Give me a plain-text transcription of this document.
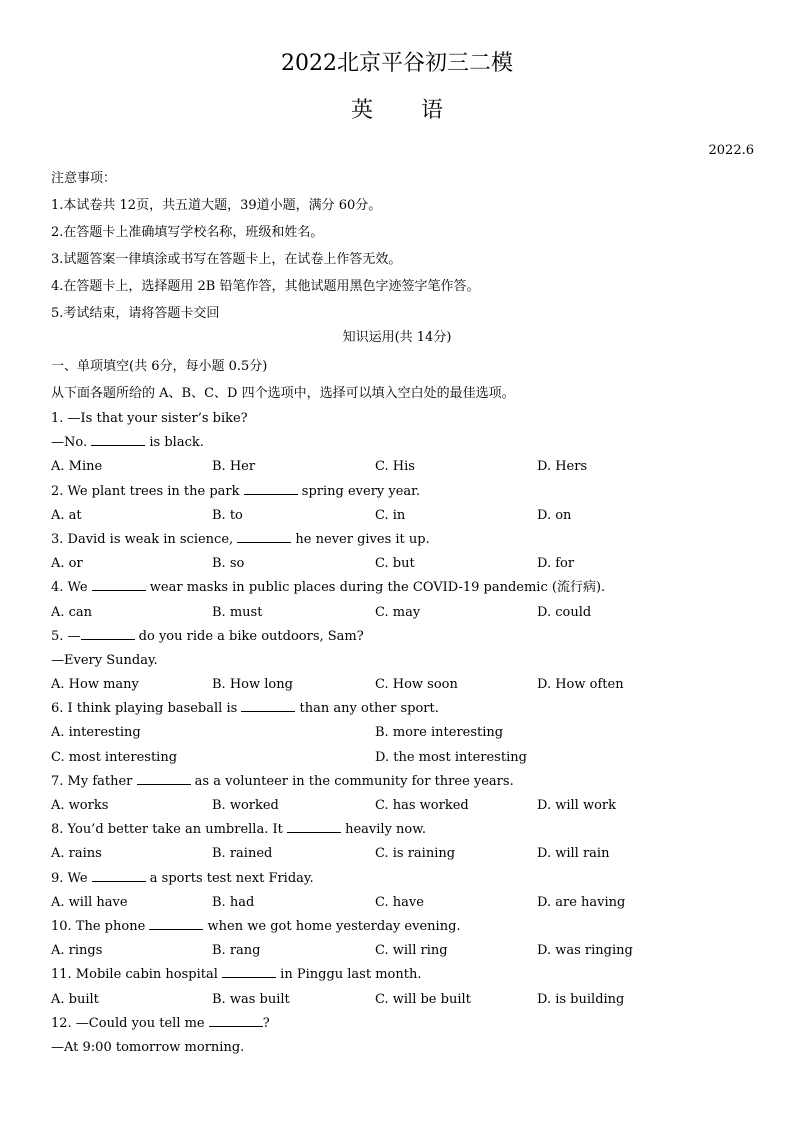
2022北京平谷初三二模
英 语
2022.6
注意事项：
1.本试卷共 12页，共五道大题，39道小题，满分 60分。
2.在答题卡上准确填写学校名称，班级和姓名。
3.试题答案一律填涂或书写在答题卡上，在试卷上作答无效。
4.在答题卡上，选择题用 2B 铅笔作答，其他试题用黑色字迹签字笔作答。
5.考试结束，请将答题卡交回
知识运用(共 14分)
一、单项填空(共 6分，每小题 0.5分)
从下面各题所给的 A、B、C、D 四个选项中，选择可以填入空白处的最佳选项。
1. —Is that your sister’s bike?
—No.	is black.
A. Mine	B. Her	C. His	D. Hers
2. We plant trees in the park	spring every year.
A. at	B. to	C. in	D. on
3. David is weak in science,	he never gives it up.
A. or	B. so	C. but	D. for
4. We	wear masks in public places during the COVID-19 pandemic (流行病).
A. can	B. must	C. may	D. could
5. —	do you ride a bike outdoors, Sam?
—Every Sunday.
A. How many	B. How long	C. How soon	D. How often
6. I think playing baseball is	than any other sport.
A. interesting	B. more interesting
C. most interesting	D. the most interesting
7. My father	as a volunteer in the community for three years.
A. works	B. worked	C. has worked	D. will work
8. You’d better take an umbrella. It	heavily now.
A. rains	B. rained	C. is raining	D. will rain
9. We	a sports test next Friday.
A. will have	B. had	C. have	D. are having
10. The phone	when we got home yesterday evening.
A. rings	B. rang	C. will ring	D. was ringing
11. Mobile cabin hospital	in Pinggu last month.
A. built	B. was built	C. will be built	D. is building
12. —Could you tell me	?
—At 9:00 tomorrow morning.
